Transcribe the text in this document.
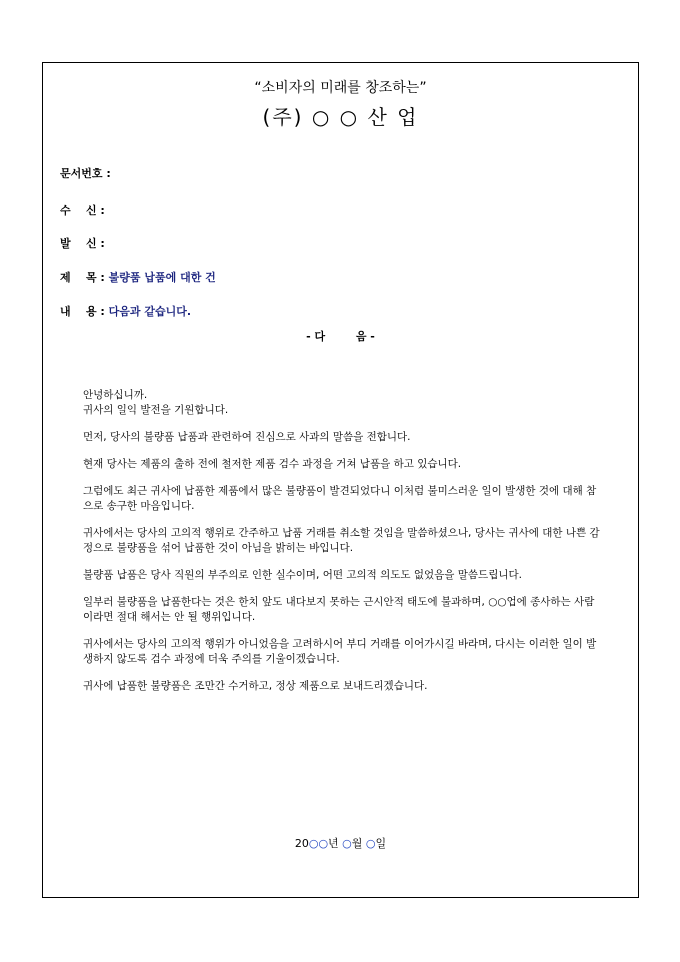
“소비자의 미래를 창조하는”
(주) ○ ○ 산 업
문서번호 :
수    신 :
발    신 :
제    목 : 불량품 납품에 대한 건
내    용 : 다음과 같습니다.
- 다        음 -

안녕하십니까.
귀사의 일익 발전을 기원합니다.

먼저, 당사의 불량품 납품과 관련하여 진심으로 사과의 말씀을 전합니다.

현재 당사는 제품의 출하 전에 철저한 제품 검수 과정을 거쳐 납품을 하고 있습니다.

그럼에도 최근 귀사에 납품한 제품에서 많은 불량품이 발견되었다니 이처럼 불미스러운 일이 발생한 것에 대해 참으로 송구한 마음입니다.

귀사에서는 당사의 고의적 행위로 간주하고 납품 거래를 취소할 것임을 말씀하셨으나, 당사는 귀사에 대한 나쁜 감정으로 불량품을 섞어 납품한 것이 아님을 밝히는 바입니다.

불량품 납품은 당사 직원의 부주의로 인한 실수이며, 어떤 고의적 의도도 없었음을 말씀드립니다.

일부러 불량품을 납품한다는 것은 한치 앞도 내다보지 못하는 근시안적 태도에 불과하며, ○○업에 종사하는 사람이라면 절대 해서는 안 될 행위입니다.

귀사에서는 당사의 고의적 행위가 아니었음을 고려하시어 부디 거래를 이어가시길 바라며, 다시는 이러한 일이 발생하지 않도록 검수 과정에 더욱 주의를 기울이겠습니다.

귀사에 납품한 불량품은 조만간 수거하고, 정상 제품으로 보내드리겠습니다.

20○○년 ○월 ○일
